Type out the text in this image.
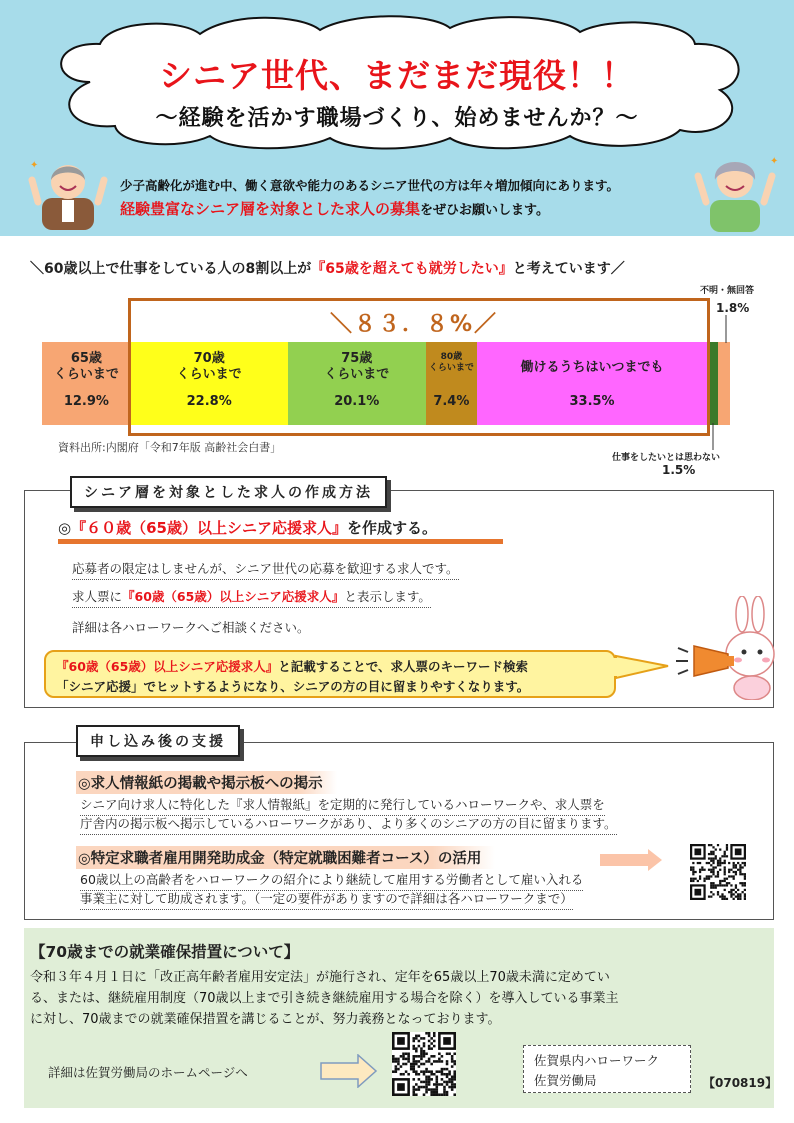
シニア世代、まだまだ現役！！
～経験を活かす職場づくり、始めませんか？～
✦	✦
少子高齢化が進む中、働く意欲や能力のあるシニア世代の方は年々増加傾向にあります。
経験豊富なシニア層を対象とした求人の募集をぜひお願いします。
＼60歳以上で仕事をしている人の8割以上が『65歳を超えても就労したい』と考えています／
65歳
くらいまで
12.9%
70歳
くらいまで
22.8%
75歳
くらいまで
20.1%
80歳
くらいまで
7.4%
働けるうちはいつまでも
33.5%
＼８３．８%／
不明・無回答
1.8%
仕事をしたいとは思わない
1.5%
資料出所:内閣府「令和7年版 高齢社会白書」
シニア層を対象とした求人の作成方法
◎『６０歳（65歳）以上シニア応援求人』を作成する。
応募者の限定はしませんが、シニア世代の応募を歓迎する求人です。
求人票に『60歳（65歳）以上シニア応援求人』と表示します。
詳細は各ハローワークへご相談ください。
『60歳（65歳）以上シニア応援求人』と記載することで、求人票のキーワード検索
「シニア応援」でヒットするようになり、シニアの方の目に留まりやすくなります。
申し込み後の支援
◎求人情報紙の掲載や掲示板への掲示
シニア向け求人に特化した『求人情報紙』を定期的に発行しているハローワークや、求人票を
庁舎内の掲示板へ掲示しているハローワークがあり、より多くのシニアの方の目に留まります。
◎特定求職者雇用開発助成金（特定就職困難者コース）の活用
60歳以上の高齢者をハローワークの紹介により継続して雇用する労働者として雇い入れる
事業主に対して助成されます。（一定の要件がありますので詳細は各ハローワークまで）
【70歳までの就業確保措置について】
令和３年４月１日に「改正高年齢者雇用安定法」が施行され、定年を65歳以上70歳未満に定めてい
る、または、継続雇用制度（70歳以上まで引き続き継続雇用する場合を除く）を導入している事業主
に対し、70歳までの就業確保措置を講じることが、努力義務となっております。
詳細は佐賀労働局のホームページへ
佐賀県内ハローワーク
佐賀労働局	【070819】
